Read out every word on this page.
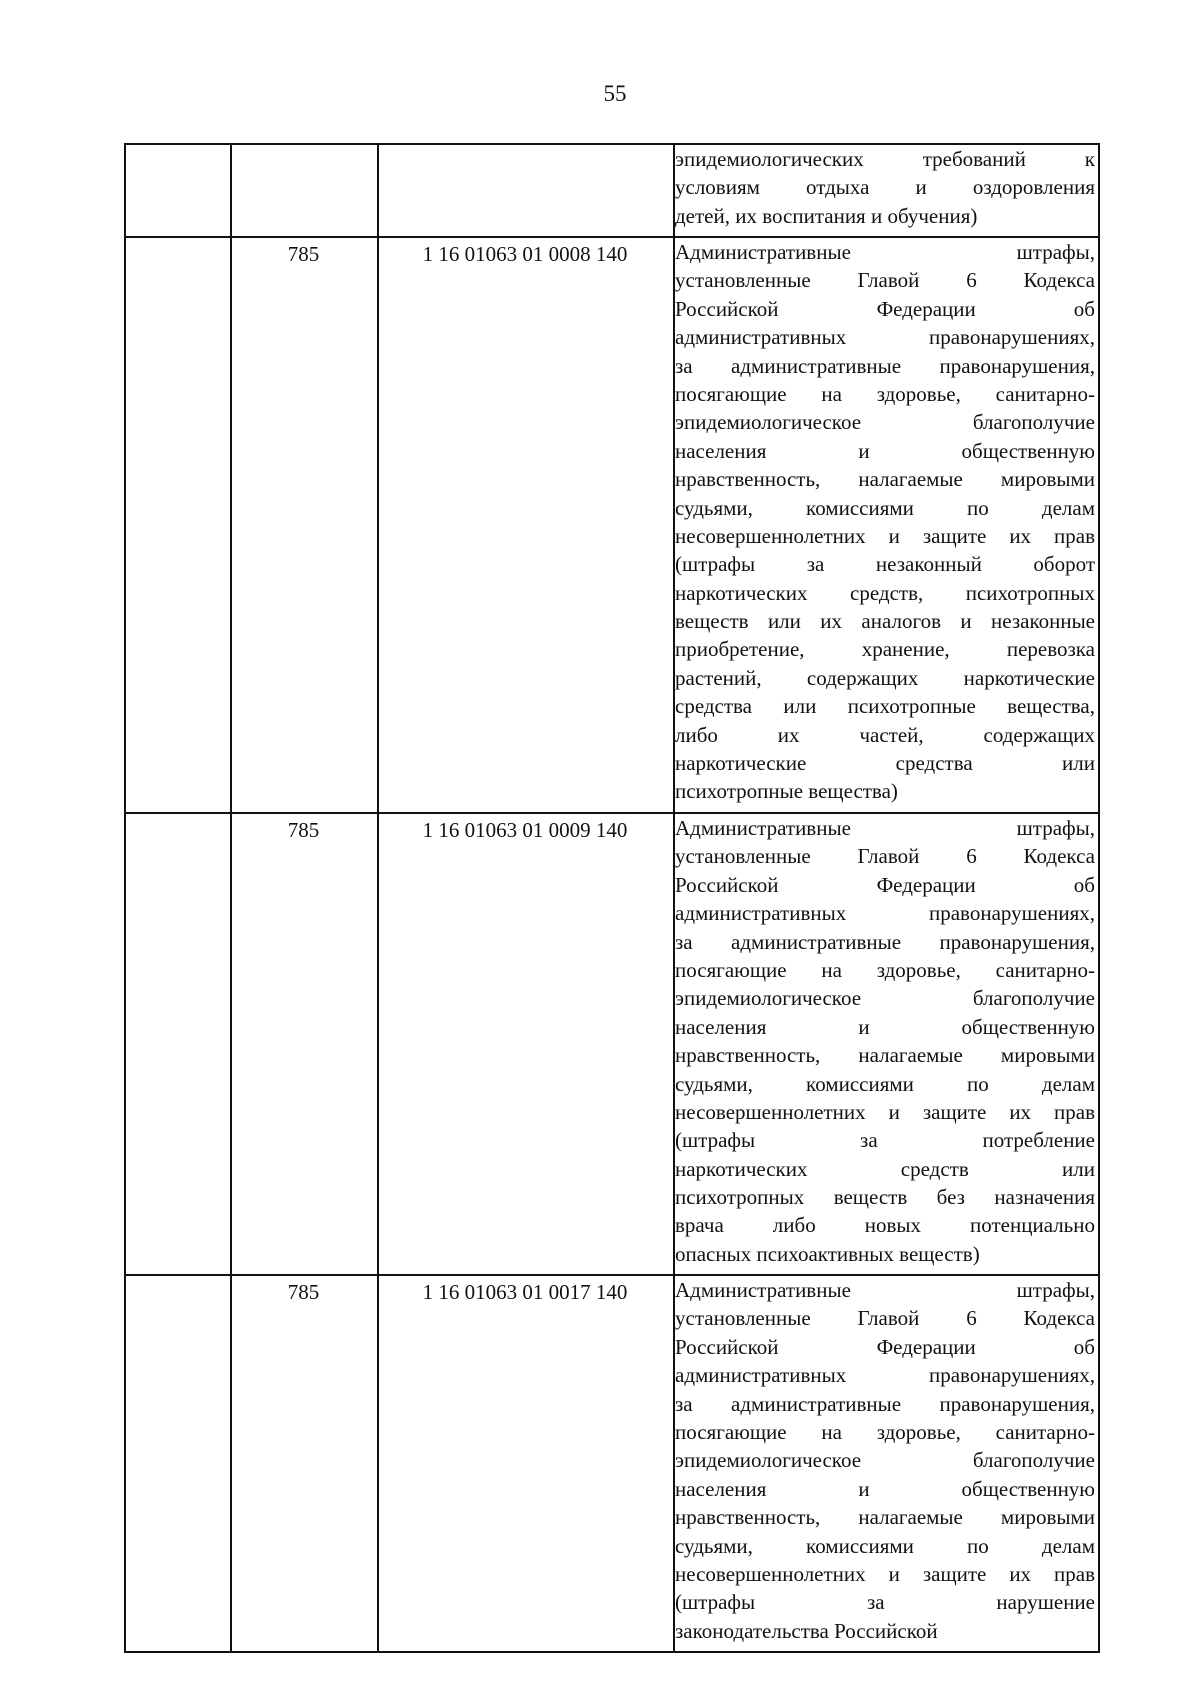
55
эпидемиологических требований к
условиям отдыха и оздоровления
детей, их воспитания и обучения)
785	1 16 01063 01 0008 140	Административные штрафы,
установленные Главой 6 Кодекса
Российской Федерации об
административных правонарушениях,
за административные правонарушения,
посягающие на здоровье, санитарно-
эпидемиологическое благополучие
населения и общественную
нравственность, налагаемые мировыми
судьями, комиссиями по делам
несовершеннолетних и защите их прав
(штрафы за незаконный оборот
наркотических средств, психотропных
веществ или их аналогов и незаконные
приобретение, хранение, перевозка
растений, содержащих наркотические
средства или психотропные вещества,
либо их частей, содержащих
наркотические средства или
психотропные вещества)
785	1 16 01063 01 0009 140	Административные штрафы,
установленные Главой 6 Кодекса
Российской Федерации об
административных правонарушениях,
за административные правонарушения,
посягающие на здоровье, санитарно-
эпидемиологическое благополучие
населения и общественную
нравственность, налагаемые мировыми
судьями, комиссиями по делам
несовершеннолетних и защите их прав
(штрафы за потребление
наркотических средств или
психотропных веществ без назначения
врача либо новых потенциально
опасных психоактивных веществ)
785	1 16 01063 01 0017 140	Административные штрафы,
установленные Главой 6 Кодекса
Российской Федерации об
административных правонарушениях,
за административные правонарушения,
посягающие на здоровье, санитарно-
эпидемиологическое благополучие
населения и общественную
нравственность, налагаемые мировыми
судьями, комиссиями по делам
несовершеннолетних и защите их прав
(штрафы за нарушение
законодательства Российской
